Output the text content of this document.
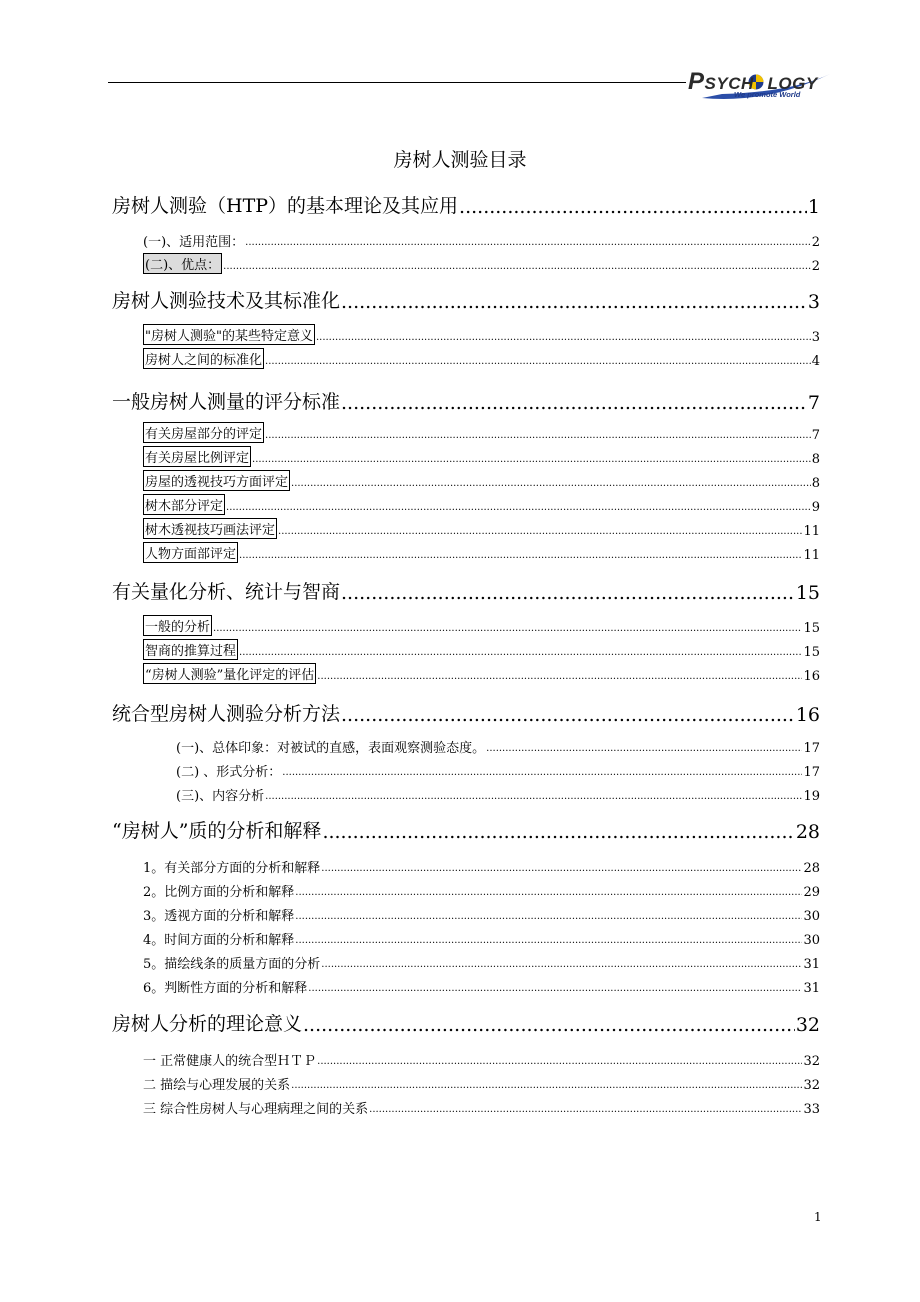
PSYCH LOGY
We promote World
房树人测验目录
房树人测验（HTP）的基本理论及其应用 .....	1
(一)、适用范围： .....	2
(二)、优点： .....	2
房树人测验技术及其标准化 .....	3
"房树人测验"的某些特定意义 .....	3
房树人之间的标准化 .....	4
一般房树人测量的评分标准 .....	7
有关房屋部分的评定 .....	7
有关房屋比例评定 .....	8
房屋的透视技巧方面评定 .....	8
树木部分评定 .....	9
树木透视技巧画法评定 .....	11
人物方面部评定 .....	11
有关量化分析、统计与智商 .....	15
一般的分析 .....	15
智商的推算过程 .....	15
“房树人测验”量化评定的评估 .....	16
统合型房树人测验分析方法 .....	16
(一)、总体印象：对被试的直感，表面观察测验态度。 .....	17
(二) 、形式分析： .....	17
(三)、内容分析 .....	19
“房树人”质的分析和解释 .....	28
1。有关部分方面的分析和解释 .....	28
2。比例方面的分析和解释 .....	29
3。透视方面的分析和解释 .....	30
4。时间方面的分析和解释 .....	30
5。描绘线条的质量方面的分析 .....	31
6。判断性方面的分析和解释 .....	31
房树人分析的理论意义 .....	32
一 正常健康人的统合型ＨＴＰ .....	32
二 描绘与心理发展的关系 .....	32
三 综合性房树人与心理病理之间的关系 .....	33
1
